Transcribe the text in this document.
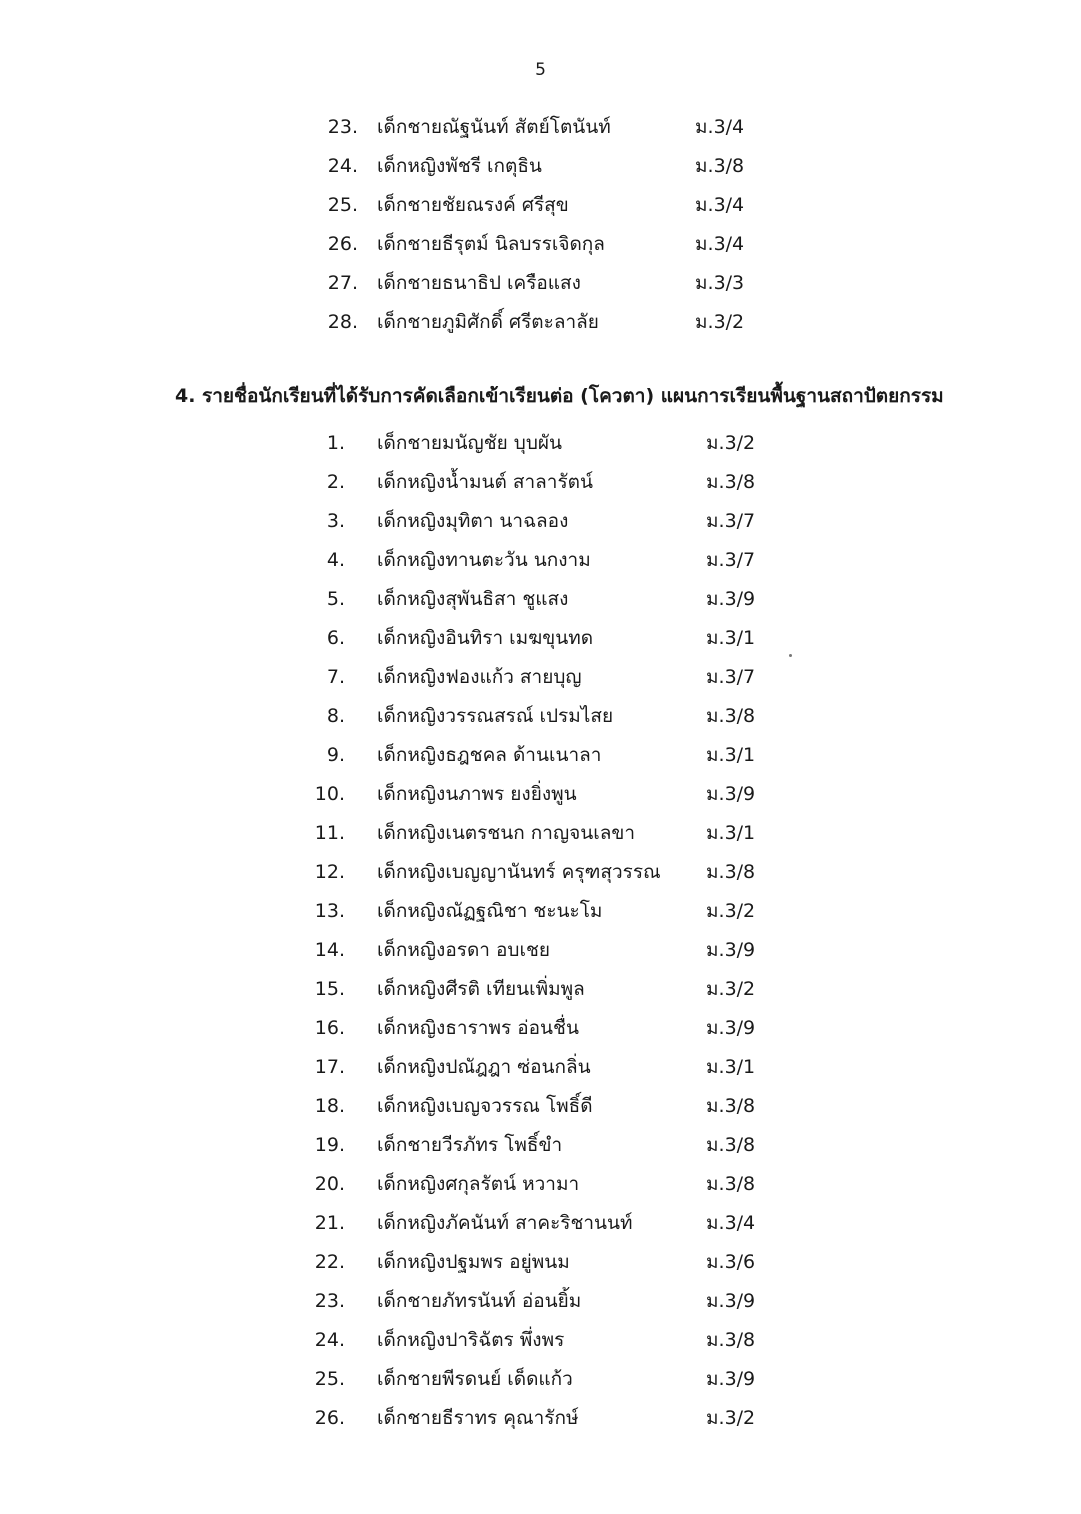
5
23. เด็กชายณัฐนันท์ สัตย์โตนันท์	ม.3/4
24. เด็กหญิงพัชรี เกตุธิน	ม.3/8
25. เด็กชายชัยณรงค์ ศรีสุข	ม.3/4
26. เด็กชายธีรุตม์ นิลบรรเจิดกุล	ม.3/4
27. เด็กชายธนาธิป เครือแสง	ม.3/3
28. เด็กชายภูมิศักดิ์ ศรีตะลาลัย	ม.3/2
4. รายชื่อนักเรียนที่ได้รับการคัดเลือกเข้าเรียนต่อ (โควตา) แผนการเรียนพื้นฐานสถาปัตยกรรม
1. เด็กชายมนัญชัย บุบผัน	ม.3/2
2. เด็กหญิงน้ำมนต์ สาลารัตน์	ม.3/8
3. เด็กหญิงมุทิตา นาฉลอง	ม.3/7
4. เด็กหญิงทานตะวัน นกงาม	ม.3/7
5. เด็กหญิงสุพันธิสา ชูแสง	ม.3/9
6. เด็กหญิงอินทิรา เมฆขุนทด	ม.3/1
7. เด็กหญิงฟองแก้ว สายบุญ	ม.3/7
8. เด็กหญิงวรรณสรณ์ เปรมไสย	ม.3/8
9. เด็กหญิงธฎชคล ด้านเนาลา	ม.3/1
10. เด็กหญิงนภาพร ยงยิ่งพูน	ม.3/9
11. เด็กหญิงเนตรชนก กาญจนเลขา	ม.3/1
12. เด็กหญิงเบญญานันทร์ ครุฑสุวรรณ ม.3/8
13. เด็กหญิงณัฏฐณิชา ชะนะโม	ม.3/2
14. เด็กหญิงอรดา อบเชย	ม.3/9
15. เด็กหญิงศีรติ เทียนเพิ่มพูล	ม.3/2
16. เด็กหญิงธาราพร อ่อนชื่น	ม.3/9
17. เด็กหญิงปณัฎฎา ซ่อนกลิ่น	ม.3/1
18. เด็กหญิงเบญจวรรณ โพธิ์ดี	ม.3/8
19. เด็กชายวีรภัทร โพธิ์ขำ	ม.3/8
20. เด็กหญิงศกุลรัตน์ หวามา	ม.3/8
21. เด็กหญิงภัคนันท์ สาคะริชานนท์	ม.3/4
22. เด็กหญิงปฐมพร อยู่พนม	ม.3/6
23. เด็กชายภัทรนันท์ อ่อนยิ้ม	ม.3/9
24. เด็กหญิงปาริฉัตร พึ่งพร	ม.3/8
25. เด็กชายพีรดนย์ เด็ดแก้ว	ม.3/9
26. เด็กชายธีราทร คุณารักษ์	ม.3/2
